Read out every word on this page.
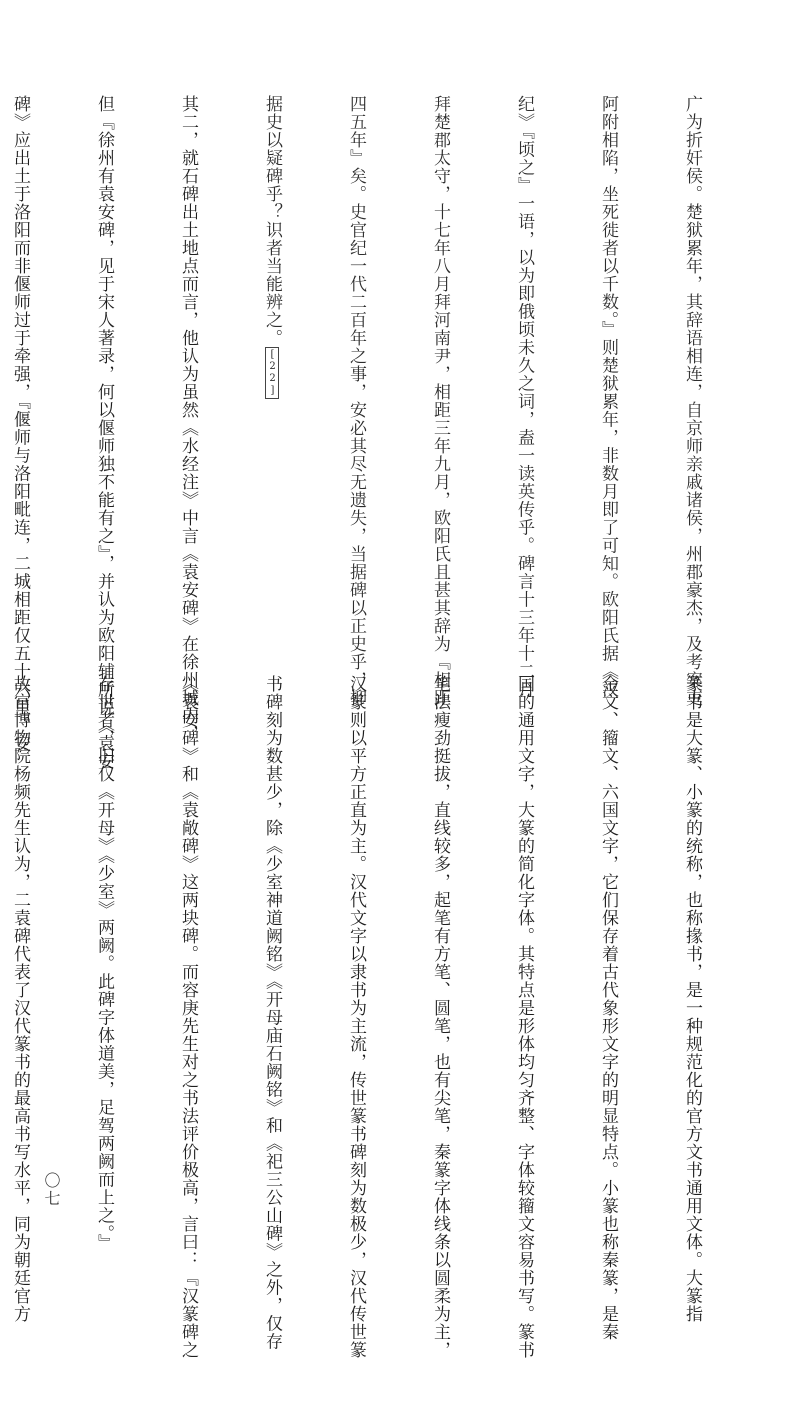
广为折奸侯。楚狱累年，其辞语相连，自京师亲戚诸侯，州郡豪杰，及考案吏

阿附相陷，坐死徙者以千数。』则楚狱累年，非数月即了可知。欧阳氏据《汉

纪》『顷之』一语，以为即俄顷未久之词，盍一读英传乎。碑言十三年十二月

拜楚郡太守，十七年八月拜河南尹，相距三年九月，欧阳氏且甚其辞为『相距

四五年』矣。史官纪一代二百年之事，安必其尽无遗失，当据碑以正史乎，抑

据史以疑碑乎？识者当能辨之。[22]

其二，就石碑出土地点而言，他认为虽然《水经注》中言《袁安碑》在徐州城内，

但『徐州有袁安碑，见于宋人著录，何以偃师独不能有之』，并认为欧阳辅所说《袁安

碑》应出土于洛阳而非偃师过于牵强，『偃师与洛阳毗连，二城相距仅五十六里。安

篆书是大篆、小篆的统称，也称掾书，是一种规范化的官方文书通用文体。大篆指

金文、籀文、六国文字，它们保存着古代象形文字的明显特点。小篆也称秦篆，是秦

国的通用文字，大篆的简化字体。其特点是形体均匀齐整、字体较籀文容易书写。篆书

笔法瘦劲挺拔，直线较多，起笔有方笔、圆笔，也有尖笔，秦篆字体线条以圆柔为主，

汉篆则以平方正直为主。汉代文字以隶书为主流，传世篆书碑刻为数极少，汉代传世篆

书碑刻为数甚少，除《少室神道阙铭》《开母庙石阙铭》和《祀三公山碑》之外，仅存

《袁安碑》和《袁敞碑》这两块碑。而容庚先生对之书法评价极高，言曰：『汉篆碑之

存世者，旧仅《开母》《少室》两阙。此碑字体道美，足驾两阙而上之。』

故宫博物院杨频先生认为，二袁碑代表了汉代篆书的最高书写水平，同为朝廷官方

〇七
